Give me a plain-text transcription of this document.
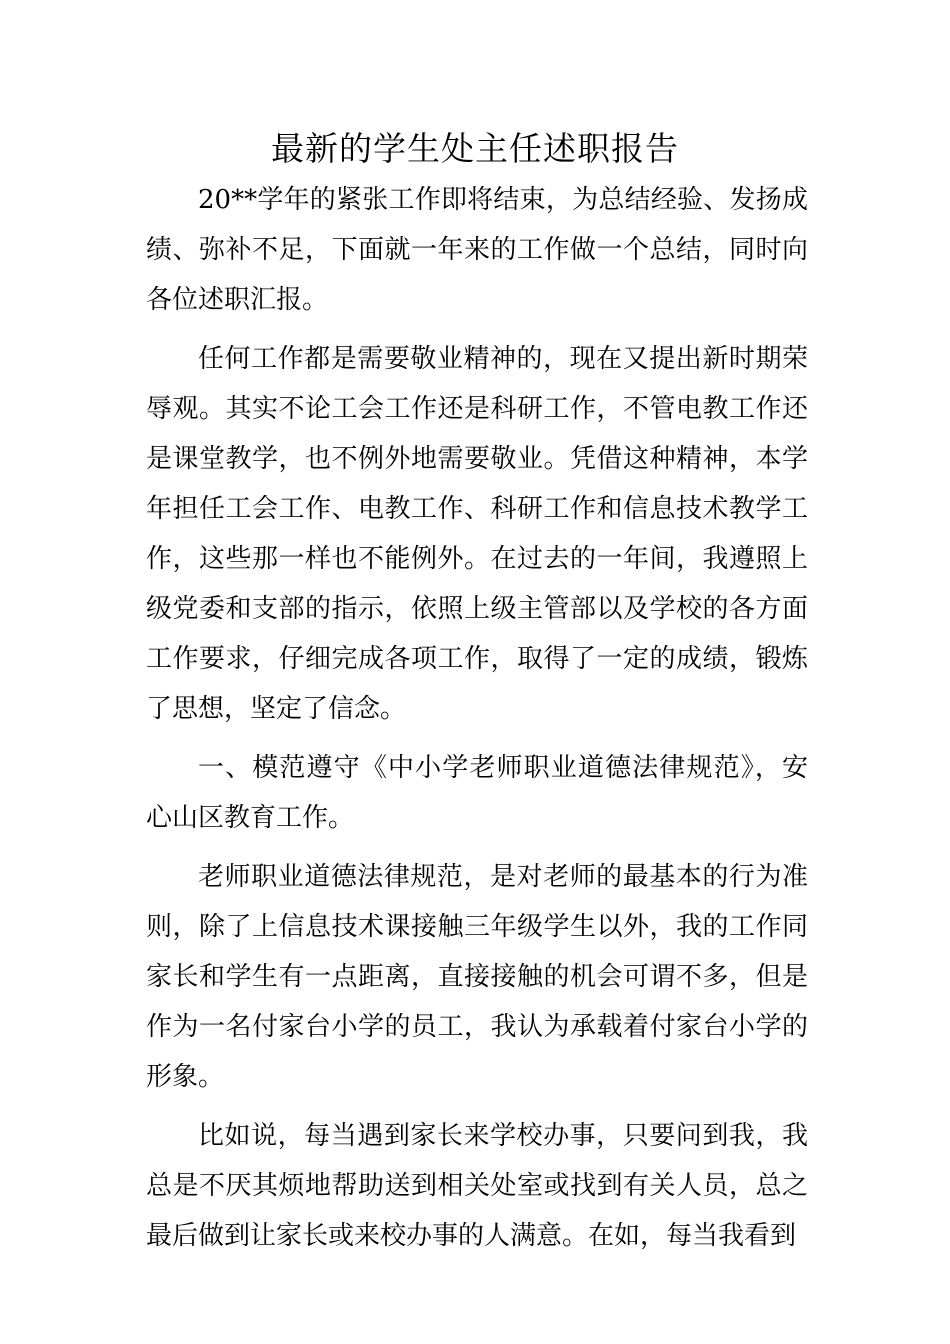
最新的学生处主任述职报告

20**学年的紧张工作即将结束，为总结经验、发扬成绩、弥补不足，下面就一年来的工作做一个总结，同时向各位述职汇报。

任何工作都是需要敬业精神的，现在又提出新时期荣辱观。其实不论工会工作还是科研工作，不管电教工作还是课堂教学，也不例外地需要敬业。凭借这种精神，本学年担任工会工作、电教工作、科研工作和信息技术教学工作，这些那一样也不能例外。在过去的一年间，我遵照上级党委和支部的指示，依照上级主管部以及学校的各方面工作要求，仔细完成各项工作，取得了一定的成绩，锻炼了思想，坚定了信念。

一、模范遵守《中小学老师职业道德法律规范》，安心山区教育工作。

老师职业道德法律规范，是对老师的最基本的行为准则，除了上信息技术课接触三年级学生以外，我的工作同家长和学生有一点距离，直接接触的机会可谓不多，但是作为一名付家台小学的员工，我认为承载着付家台小学的形象。

比如说，每当遇到家长来学校办事，只要问到我，我总是不厌其烦地帮助送到相关处室或找到有关人员，总之最后做到让家长或来校办事的人满意。在如，每当我看到
